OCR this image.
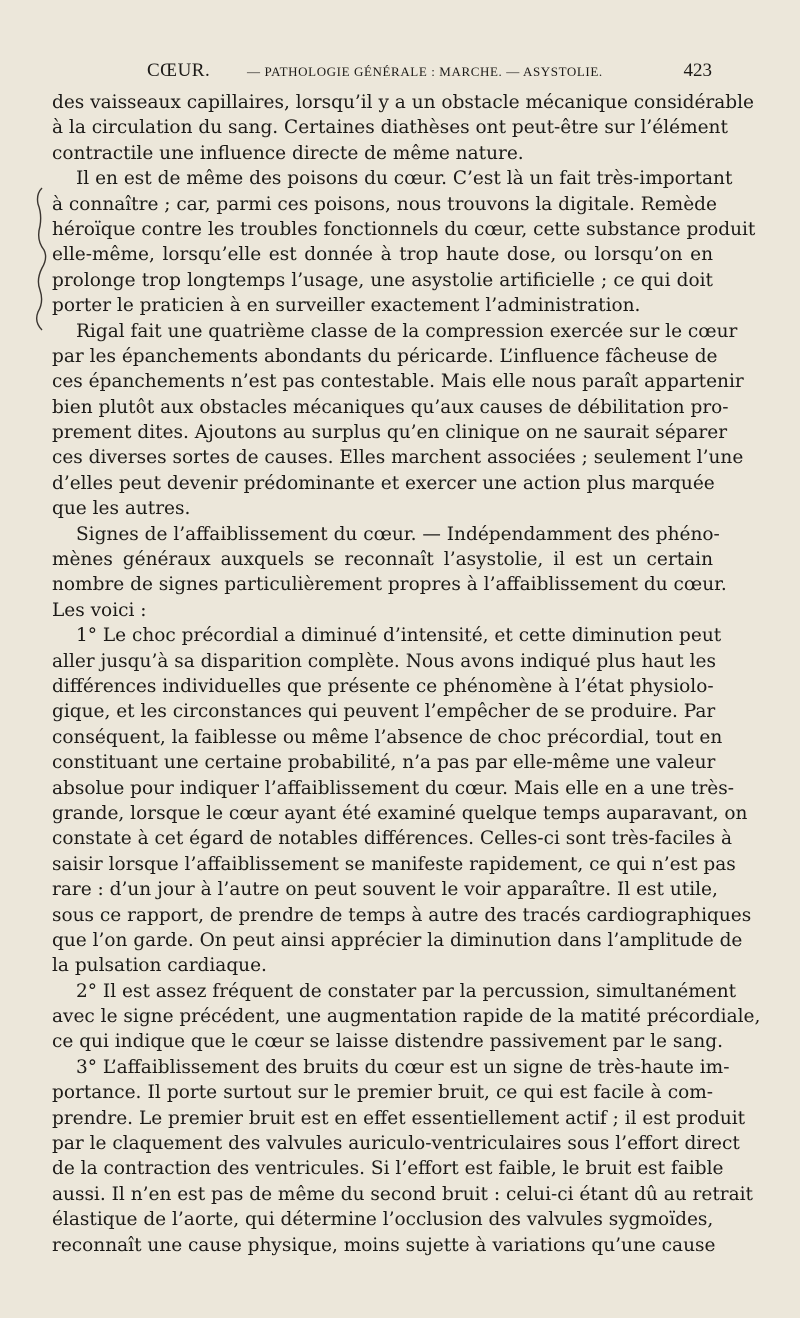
CŒUR.	— PATHOLOGIE GÉNÉRALE : MARCHE. — ASYSTOLIE.	423
des vaisseaux capillaires, lorsqu’il y a un obstacle mécanique considérable
à la circulation du sang. Certaines diathèses ont peut-être sur l’élément
contractile une influence directe de même nature.
Il en est de même des poisons du cœur. C’est là un fait très-important
à connaître ; car, parmi ces poisons, nous trouvons la digitale. Remède
héroïque contre les troubles fonctionnels du cœur, cette substance produit
elle-même, lorsqu’elle est donnée à trop haute dose, ou lorsqu’on en
prolonge trop longtemps l’usage, une asystolie artificielle ; ce qui doit
porter le praticien à en surveiller exactement l’administration.
Rigal fait une quatrième classe de la compression exercée sur le cœur
par les épanchements abondants du péricarde. L’influence fâcheuse de
ces épanchements n’est pas contestable. Mais elle nous paraît appartenir
bien plutôt aux obstacles mécaniques qu’aux causes de débilitation pro-
prement dites. Ajoutons au surplus qu’en clinique on ne saurait séparer
ces diverses sortes de causes. Elles marchent associées ; seulement l’une
d’elles peut devenir prédominante et exercer une action plus marquée
que les autres.
Signes de l’affaiblissement du cœur. — Indépendamment des phéno-
mènes généraux auxquels se reconnaît l’asystolie, il est un certain
nombre de signes particulièrement propres à l’affaiblissement du cœur.
Les voici :
1° Le choc précordial a diminué d’intensité, et cette diminution peut
aller jusqu’à sa disparition complète. Nous avons indiqué plus haut les
différences individuelles que présente ce phénomène à l’état physiolo-
gique, et les circonstances qui peuvent l’empêcher de se produire. Par
conséquent, la faiblesse ou même l’absence de choc précordial, tout en
constituant une certaine probabilité, n’a pas par elle-même une valeur
absolue pour indiquer l’affaiblissement du cœur. Mais elle en a une très-
grande, lorsque le cœur ayant été examiné quelque temps auparavant, on
constate à cet égard de notables différences. Celles-ci sont très-faciles à
saisir lorsque l’affaiblissement se manifeste rapidement, ce qui n’est pas
rare : d’un jour à l’autre on peut souvent le voir apparaître. Il est utile,
sous ce rapport, de prendre de temps à autre des tracés cardiographiques
que l’on garde. On peut ainsi apprécier la diminution dans l’amplitude de
la pulsation cardiaque.
2° Il est assez fréquent de constater par la percussion, simultanément
avec le signe précédent, une augmentation rapide de la matité précordiale,
ce qui indique que le cœur se laisse distendre passivement par le sang.
3° L’affaiblissement des bruits du cœur est un signe de très-haute im-
portance. Il porte surtout sur le premier bruit, ce qui est facile à com-
prendre. Le premier bruit est en effet essentiellement actif ; il est produit
par le claquement des valvules auriculo-ventriculaires sous l’effort direct
de la contraction des ventricules. Si l’effort est faible, le bruit est faible
aussi. Il n’en est pas de même du second bruit : celui-ci étant dû au retrait
élastique de l’aorte, qui détermine l’occlusion des valvules sygmoïdes,
reconnaît une cause physique, moins sujette à variations qu’une cause
